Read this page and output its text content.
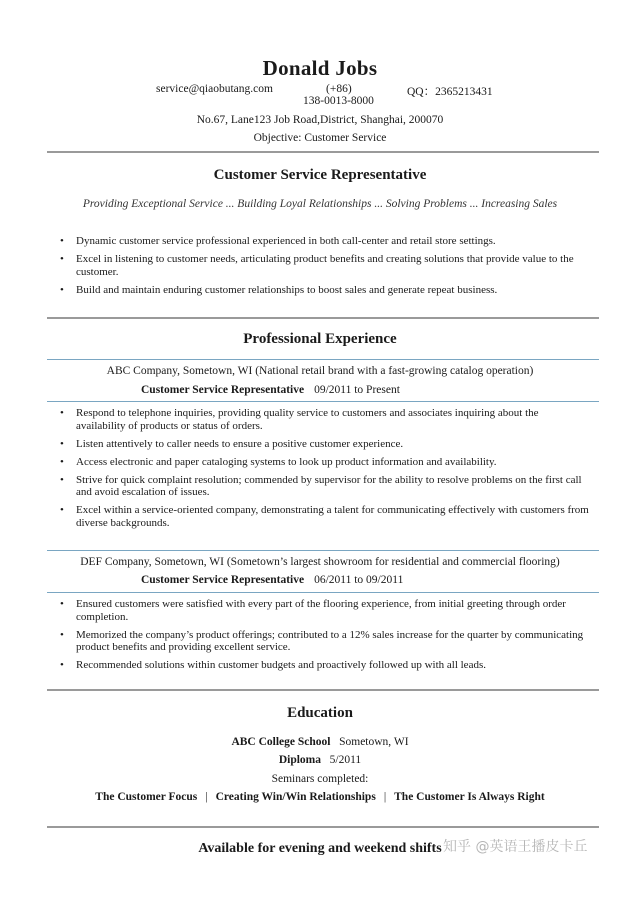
Donald Jobs
service@qiaobutang.com	(+86)	QQ：2365213431
138-0013-8000
No.67, Lane123 Job Road,District, Shanghai, 200070
Objective: Customer Service
Customer Service Representative
Providing Exceptional Service ... Building Loyal Relationships ... Solving Problems ... Increasing Sales
• Dynamic customer service professional experienced in both call-center and retail store settings.
• Excel in listening to customer needs, articulating product benefits and creating solutions that provide value to the customer.
• Build and maintain enduring customer relationships to boost sales and generate repeat business.
Professional Experience
ABC Company, Sometown, WI (National retail brand with a fast-growing catalog operation)
Customer Service Representative 09/2011 to Present
• Respond to telephone inquiries, providing quality service to customers and associates inquiring about the availability of products or status of orders.
• Listen attentively to caller needs to ensure a positive customer experience.
• Access electronic and paper cataloging systems to look up product information and availability.
• Strive for quick complaint resolution; commended by supervisor for the ability to resolve problems on the first call and avoid escalation of issues.
• Excel within a service-oriented company, demonstrating a talent for communicating effectively with customers from diverse backgrounds.
DEF Company, Sometown, WI (Sometown’s largest showroom for residential and commercial flooring)
Customer Service Representative 06/2011 to 09/2011
• Ensured customers were satisfied with every part of the flooring experience, from initial greeting through order completion.
• Memorized the company’s product offerings; contributed to a 12% sales increase for the quarter by communicating product benefits and providing excellent service.
• Recommended solutions within customer budgets and proactively followed up with all leads.
Education
ABC College School Sometown, WI
Diploma 5/2011
Seminars completed:
The Customer Focus | Creating Win/Win Relationships | The Customer Is Always Right
Available for evening and weekend shifts 知乎 @英语王播皮卡丘
